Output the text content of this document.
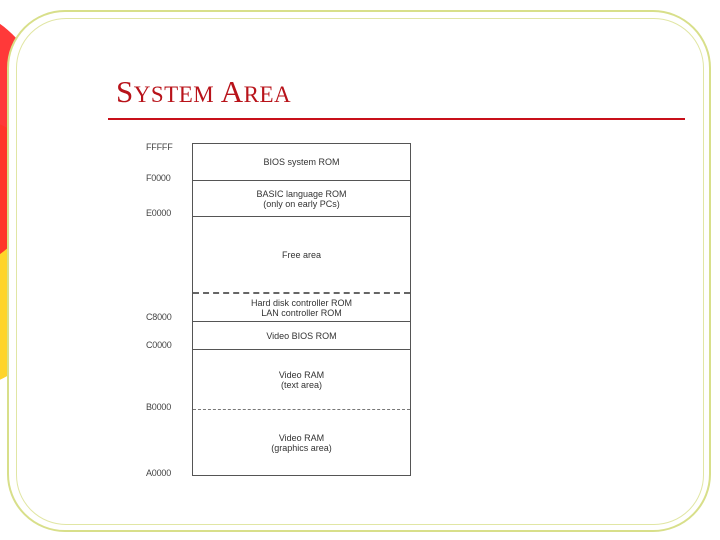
SYSTEM AREA
FFFFF
F0000
E0000
C8000
C0000
B0000
A0000
BIOS system ROM
BASIC language ROM
(only on early PCs)
Free area
Hard disk controller ROM
LAN controller ROM
Video BIOS ROM
Video RAM
(text area)
Video RAM
(graphics area)
